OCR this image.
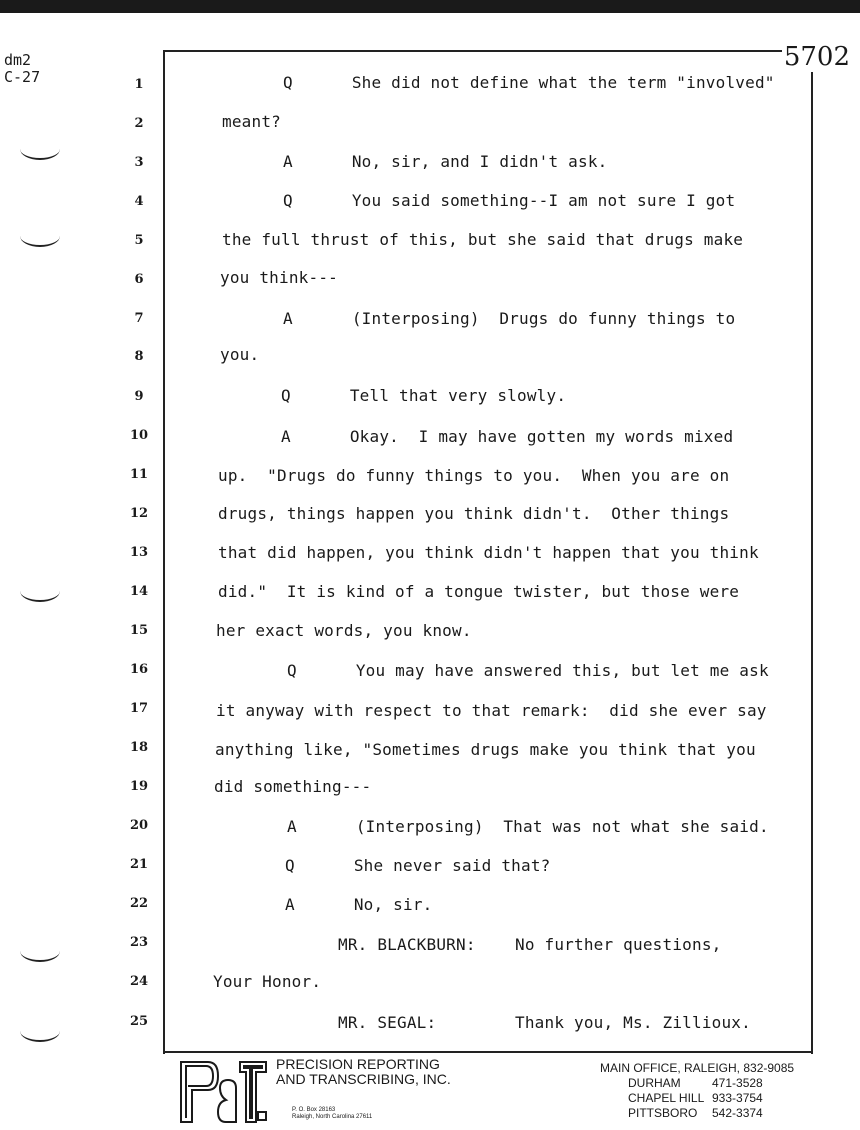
dm2
C-27
5702
1	Q      She did not define what the term "involved"
2	meant?
3	A      No, sir, and I didn't ask.
4	Q      You said something--I am not sure I got
5	the full thrust of this, but she said that drugs make
6	you think---
7	A      (Interposing)  Drugs do funny things to
8	you.
9	Q      Tell that very slowly.
10	A      Okay.  I may have gotten my words mixed
11	up.  "Drugs do funny things to you.  When you are on
12	drugs, things happen you think didn't.  Other things
13	that did happen, you think didn't happen that you think
14	did."  It is kind of a tongue twister, but those were
15	her exact words, you know.
16	Q      You may have answered this, but let me ask
17	it anyway with respect to that remark:  did she ever say
18	anything like, "Sometimes drugs make you think that you
19	did something---
20	A      (Interposing)  That was not what she said.
21	Q      She never said that?
22	A      No, sir.
23	MR. BLACKBURN:    No further questions,
24	Your Honor.
25	MR. SEGAL:        Thank you, Ms. Zillioux.
P&T
PRECISION REPORTING
AND TRANSCRIBING, INC.
P. O. Box 28163
Raleigh, North Carolina 27611
MAIN OFFICE, RALEIGH, 832-9085
DURHAM	471-3528
CHAPEL HILL 933-3754
PITTSBORO 542-3374
